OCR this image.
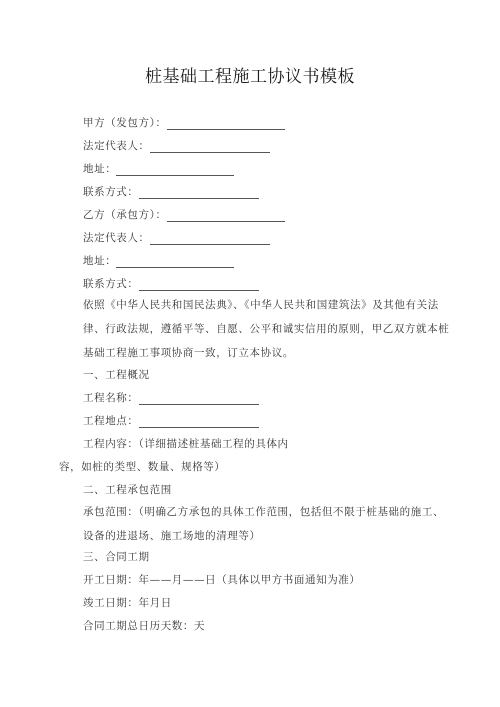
桩基础工程施工协议书模板
甲方（发包方）：
法定代表人：
地址：
联系方式：
乙方（承包方）：
法定代表人：
地址：
联系方式：
依照《中华人民共和国民法典》、《中华人民共和国建筑法》及其他有关法律、行政法规，遵循平等、自愿、公平和诚实信用的原则，甲乙双方就本桩基础工程施工事项协商一致，订立本协议。
一、工程概况
工程名称：
工程地点：
工程内容：（详细描述桩基础工程的具体内
容，如桩的类型、数量、规格等）
二、工程承包范围
承包范围：（明确乙方承包的具体工作范围，包括但不限于桩基础的施工、设备的进退场、施工场地的清理等）
三、合同工期
开工日期：年——月——日（具体以甲方书面通知为准）
竣工日期：年月日
合同工期总日历天数：天
